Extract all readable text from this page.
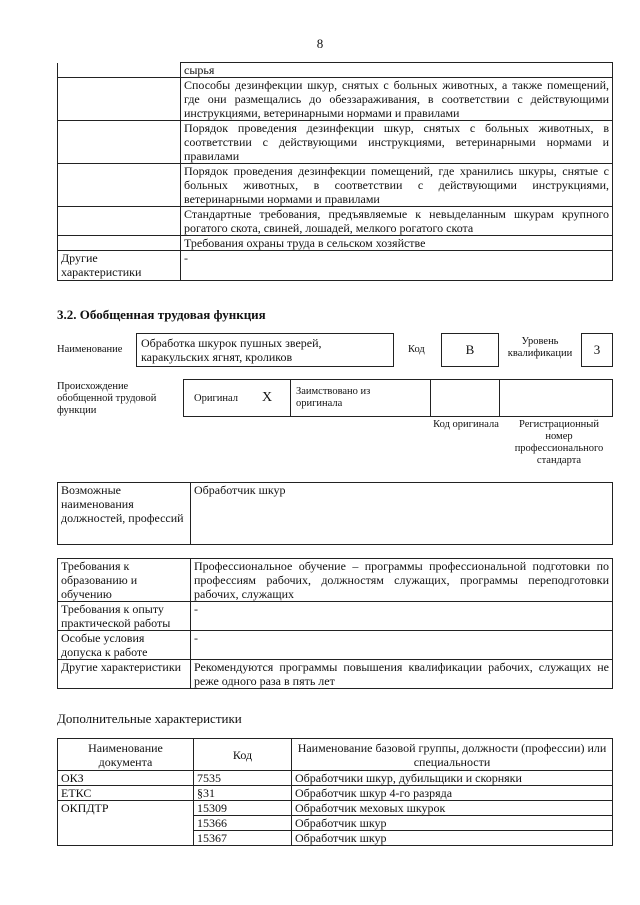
8
	сырья
	Способы дезинфекции шкур, снятых с больных животных, а также помещений, где они размещались до обеззараживания, в соответствии с действующими инструкциями, ветеринарными нормами и правилами
	Порядок проведения дезинфекции шкур, снятых с больных животных, в соответствии с действующими инструкциями, ветеринарными нормами и правилами
	Порядок проведения дезинфекции помещений, где хранились шкуры, снятые с больных животных, в соответствии с действующими инструкциями, ветеринарными нормами и правилами
	Стандартные требования, предъявляемые к невыделанным шкурам крупного рогатого скота, свиней, лошадей, мелкого рогатого скота
	Требования охраны труда в сельском хозяйстве
Другие характеристики	-
3.2. Обобщенная трудовая функция
Наименование	Обработка шкурок пушных зверей, каракульских ягнят, кроликов
Код	B
Уровень квалификации	3
Происхождение обобщенной трудовой функции
Оригинал X Заимствовано из оригинала
Код оригинала	Регистрационный номер профессионального стандарта
Возможные наименования должностей, профессий	Обработчик шкур
Требования к образованию и обучению	Профессиональное обучение – программы профессиональной подготовки по профессиям рабочих, должностям служащих, программы переподготовки рабочих, служащих
Требования к опыту практической работы	-
Особые условия допуска к работе	-
Другие характеристики	Рекомендуются программы повышения квалификации рабочих, служащих не реже одного раза в пять лет
Дополнительные характеристики
Наименование документа	Код	Наименование базовой группы, должности (профессии) или специальности
ОКЗ	7535	Обработчики шкур, дубильщики и скорняки
ЕТКС	§31	Обработчик шкур 4-го разряда
ОКПДТР	15309	Обработчик меховых шкурок
	15366	Обработчик шкур
	15367	Обработчик шкур
